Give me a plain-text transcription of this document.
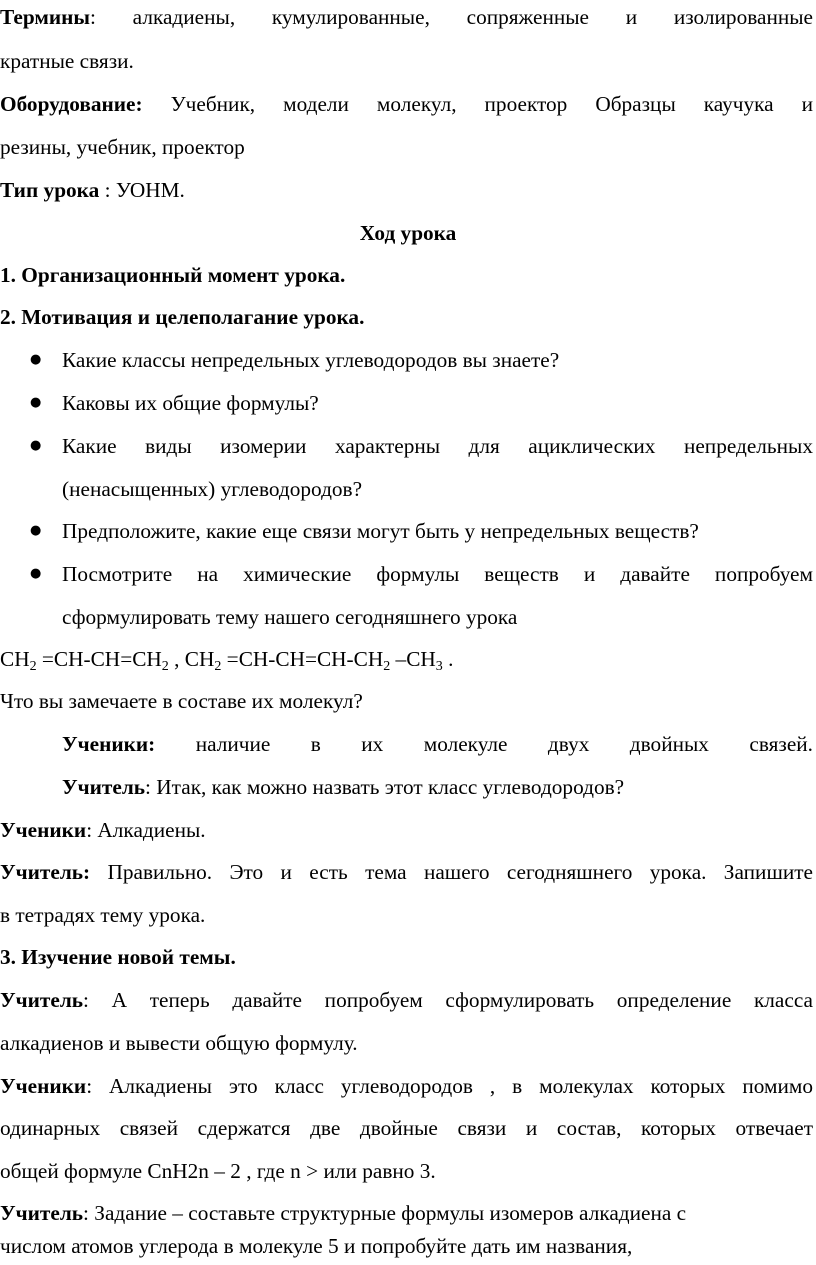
Термины: алкадиены, кумулированные, сопряженные и изолированные
кратные связи.
Оборудование: Учебник, модели молекул, проектор Образцы каучука и
резины, учебник, проектор
Тип урока : УОНМ.
Ход урока
1. Организационный момент урока.
2. Мотивация и целеполагание урока.
● Какие классы непредельных углеводородов вы знаете?
● Каковы их общие формулы?
● Какие виды изомерии характерны для ациклических непредельных
(ненасыщенных) углеводородов?
● Предположите, какие еще связи могут быть у непредельных веществ?
● Посмотрите на химические формулы веществ и давайте попробуем
сформулировать тему нашего сегодняшнего урока
$CH_2 =CH-CH=CH_2$ , $CH_2 =CH-CH=CH-CH_2$ $-CH_3$ .
Что вы замечаете в составе их молекул?
Ученики: наличие в их молекуле двух двойных связей.
Учитель: Итак, как можно назвать этот класс углеводородов?
Ученики: Алкадиены.
Учитель: Правильно. Это и есть тема нашего сегодняшнего урока. Запишите
в тетрадях тему урока.
3. Изучение новой темы.
Учитель: А теперь давайте попробуем сформулировать определение класса
алкадиенов и вывести общую формулу.
Ученики: Алкадиены это класс углеводородов , в молекулах которых помимо
одинарных связей сдержатся две двойные связи и состав, которых отвечает
общей формуле CnH2n – 2 , где n > или равно 3.
Учитель: Задание – составьте структурные формулы изомеров алкадиена с
числом атомов углерода в молекуле 5 и попробуйте дать им названия,
